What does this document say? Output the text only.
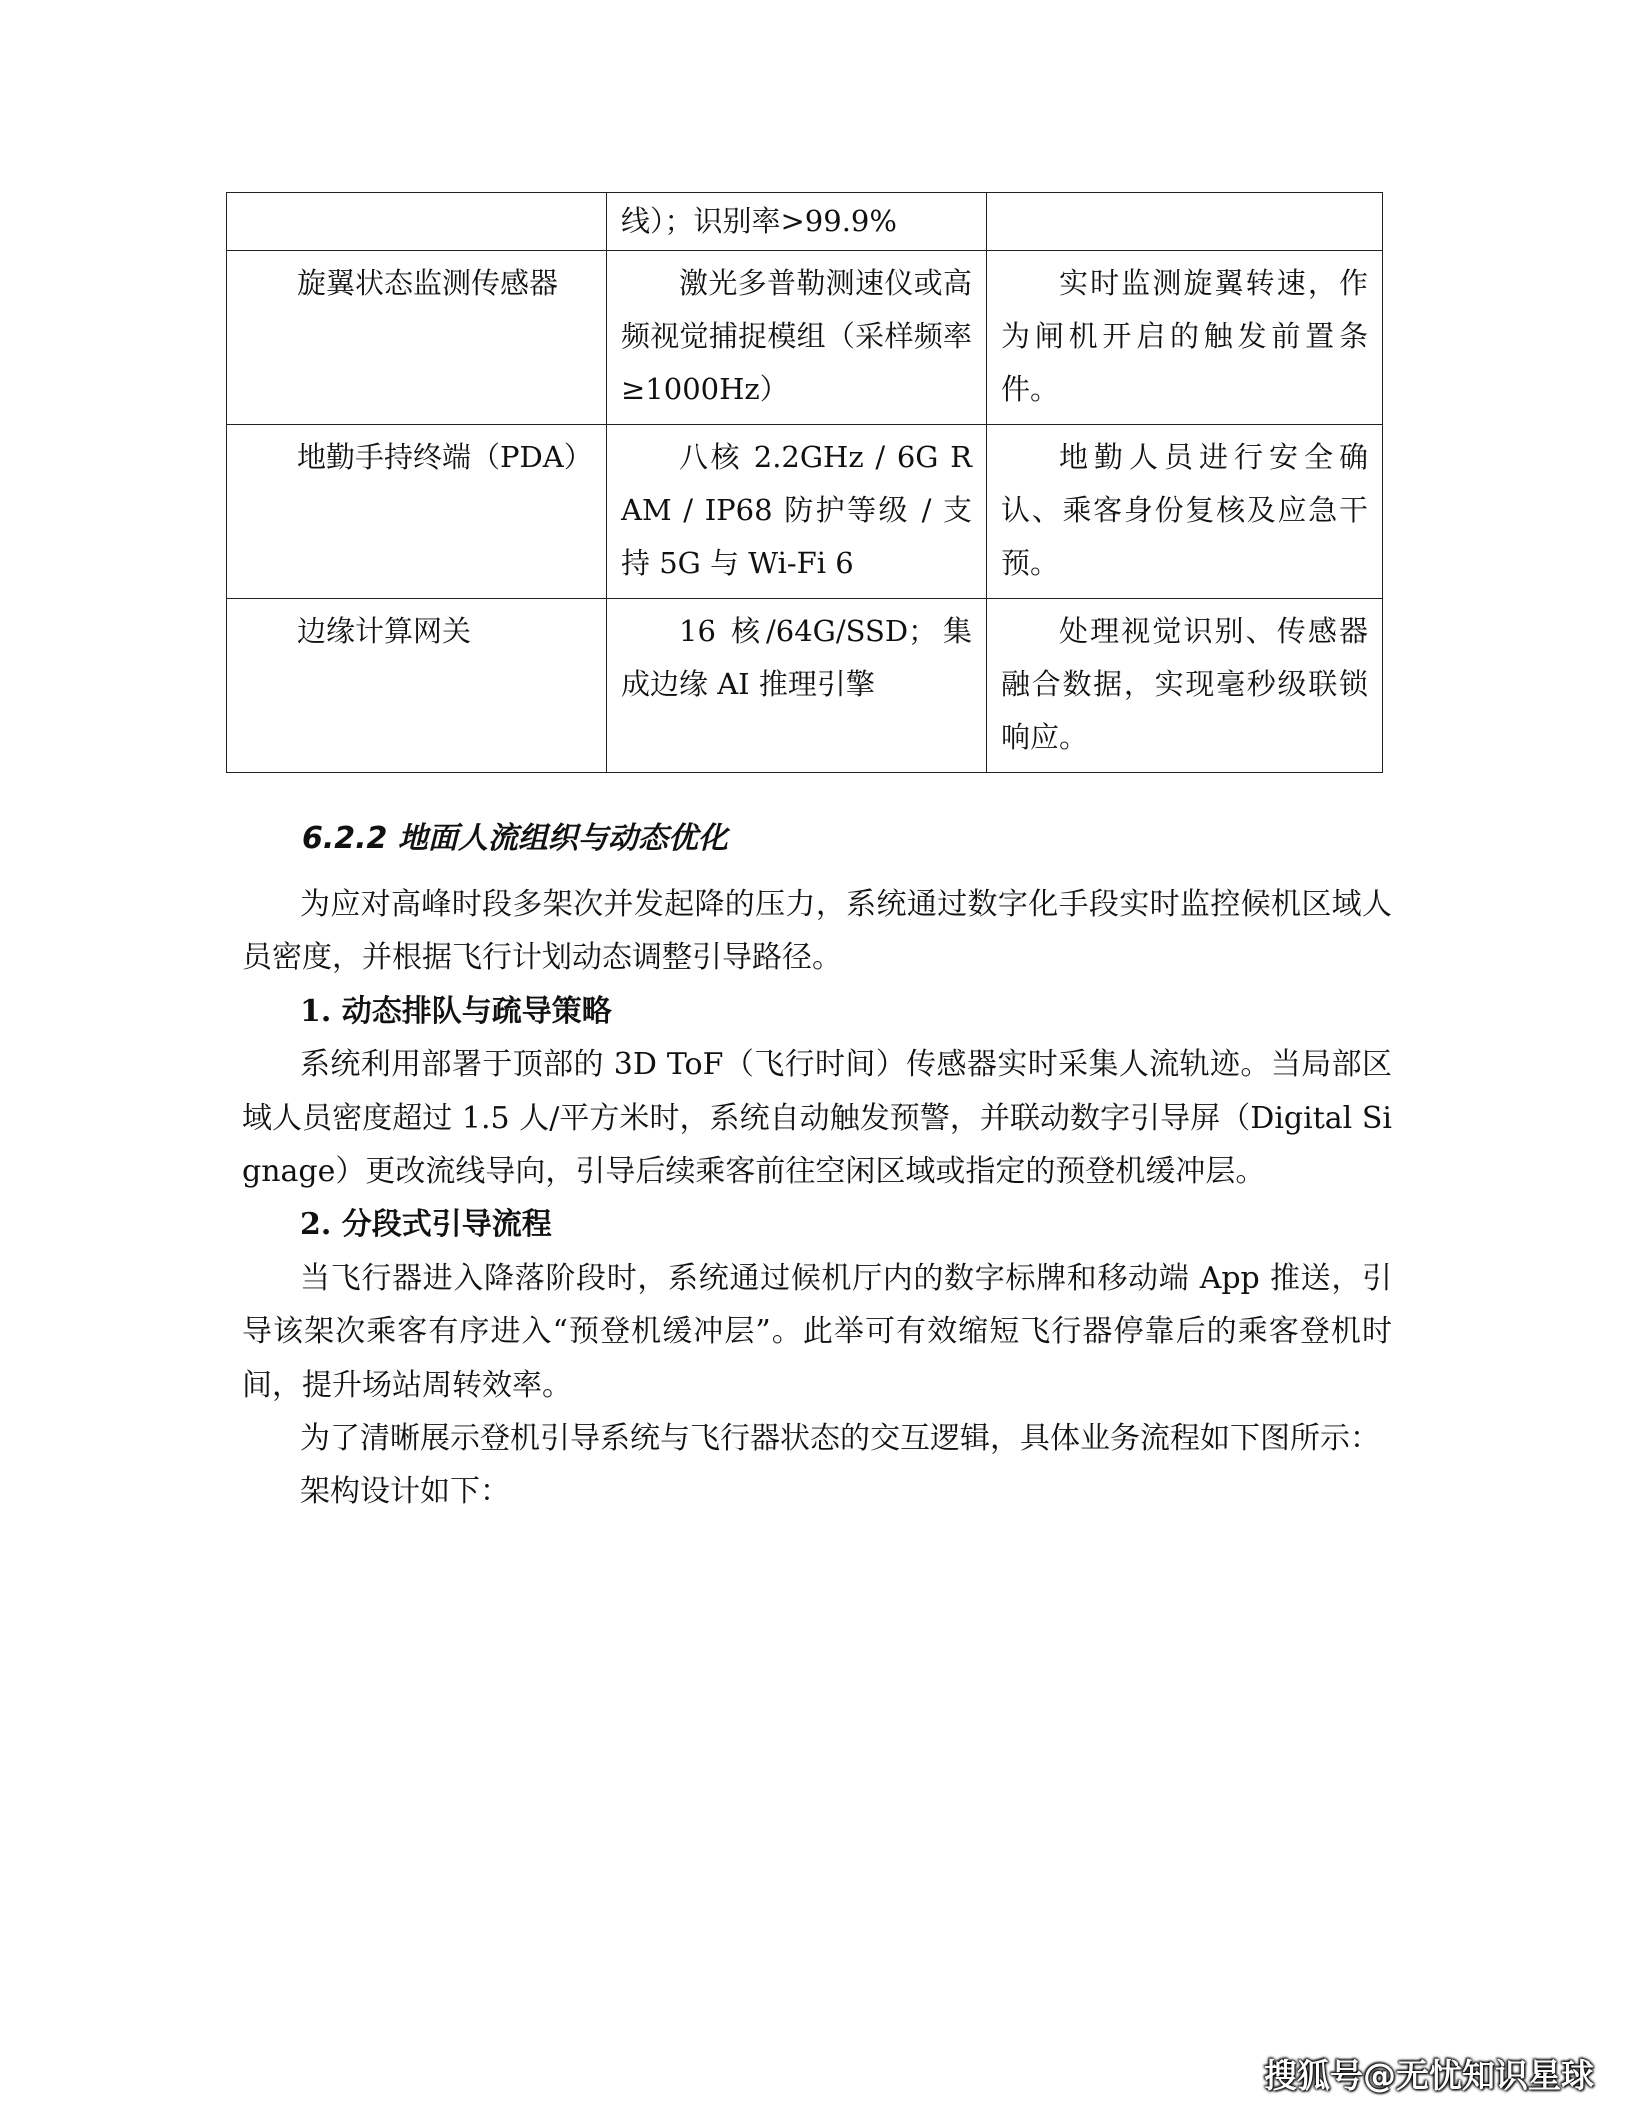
	线）；识别率>99.9%	
旋翼状态监测传感器	激光多普勒测速仪或高频视觉捕捉模组（采样频率≥1000Hz）	实时监测旋翼转速，作为闸机开启的触发前置条件。
地勤手持终端（PDA）	八核 2.2GHz / 6G RAM / IP68 防护等级 / 支持 5G 与 Wi-Fi 6	地勤人员进行安全确认、乘客身份复核及应急干预。
边缘计算网关	16 核/64G/SSD；集成边缘 AI 推理引擎	处理视觉识别、传感器融合数据，实现毫秒级联锁响应。
6.2.2 地面人流组织与动态优化

为应对高峰时段多架次并发起降的压力，系统通过数字化手段实时监控候机区域人员密度，并根据飞行计划动态调整引导路径。

1. 动态排队与疏导策略

系统利用部署于顶部的 3D ToF（飞行时间）传感器实时采集人流轨迹。当局部区域人员密度超过 1.5 人/平方米时，系统自动触发预警，并联动数字引导屏（Digital Signage）更改流线导向，引导后续乘客前往空闲区域或指定的预登机缓冲层。

2. 分段式引导流程

当飞行器进入降落阶段时，系统通过候机厅内的数字标牌和移动端 App 推送，引导该架次乘客有序进入“预登机缓冲层”。此举可有效缩短飞行器停靠后的乘客登机时间，提升场站周转效率。

为了清晰展示登机引导系统与飞行器状态的交互逻辑，具体业务流程如下图所示：

架构设计如下：

搜狐号@无忧知识星球
